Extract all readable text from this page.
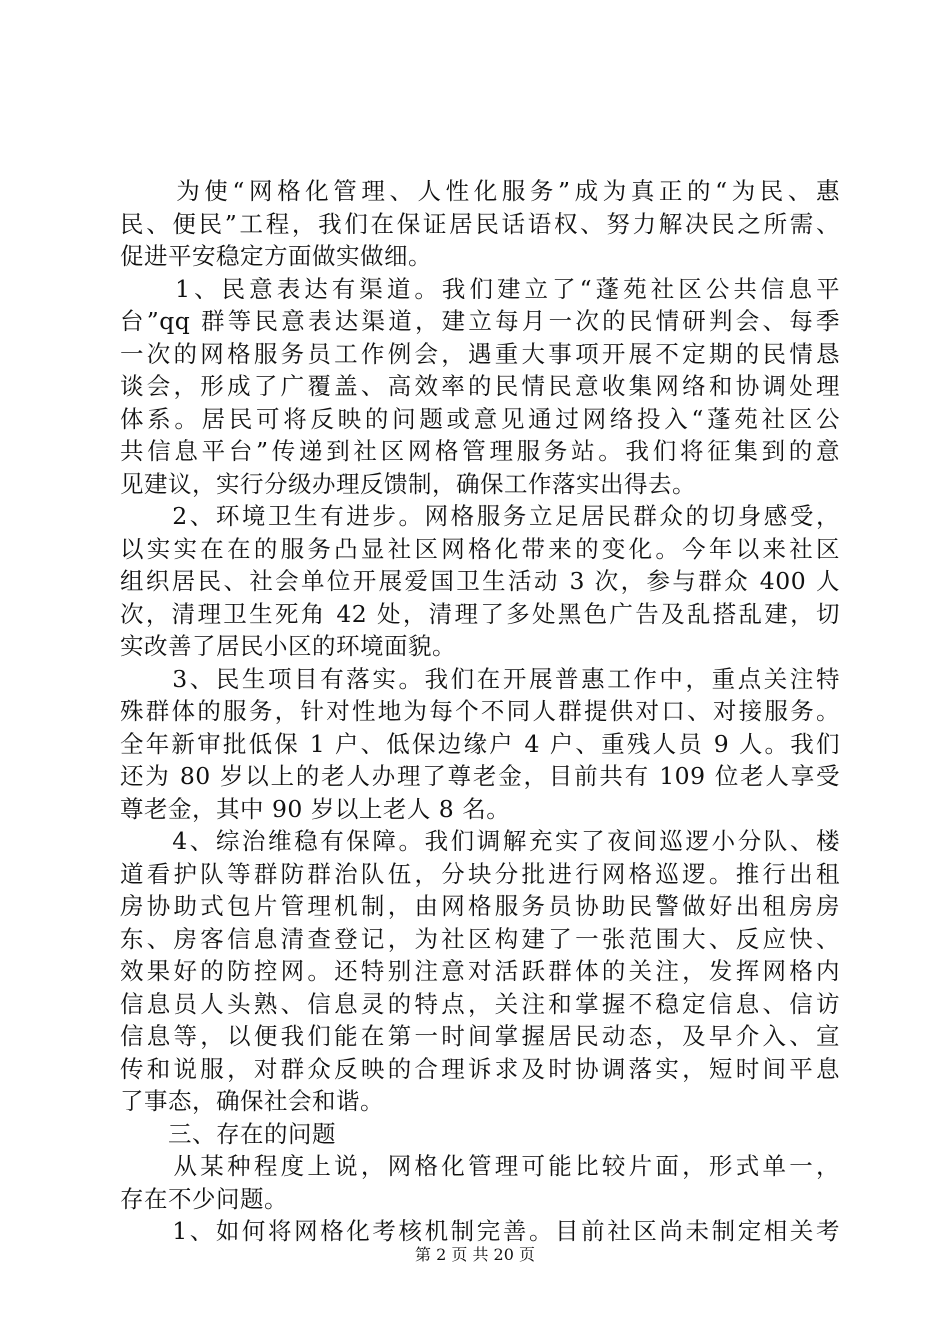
　　为使“网格化管理、人性化服务”成为真正的“为民、惠
民、便民”工程，我们在保证居民话语权、努力解决民之所需、
促进平安稳定方面做实做细。
　　1、民意表达有渠道。我们建立了“蓬苑社区公共信息平
台”qq 群等民意表达渠道，建立每月一次的民情研判会、每季
一次的网格服务员工作例会，遇重大事项开展不定期的民情恳
谈会，形成了广覆盖、高效率的民情民意收集网络和协调处理
体系。居民可将反映的问题或意见通过网络投入“蓬苑社区公
共信息平台”传递到社区网格管理服务站。我们将征集到的意
见建议，实行分级办理反馈制，确保工作落实出得去。
　　2、环境卫生有进步。网格服务立足居民群众的切身感受，
以实实在在的服务凸显社区网格化带来的变化。今年以来社区
组织居民、社会单位开展爱国卫生活动 3 次，参与群众 400 人
次，清理卫生死角 42 处，清理了多处黑色广告及乱搭乱建，切
实改善了居民小区的环境面貌。
　　3、民生项目有落实。我们在开展普惠工作中，重点关注特
殊群体的服务，针对性地为每个不同人群提供对口、对接服务。
全年新审批低保 1 户、低保边缘户 4 户、重残人员 9 人。我们
还为 80 岁以上的老人办理了尊老金，目前共有 109 位老人享受
尊老金，其中 90 岁以上老人 8 名。
　　4、综治维稳有保障。我们调解充实了夜间巡逻小分队、楼
道看护队等群防群治队伍，分块分批进行网格巡逻。推行出租
房协助式包片管理机制，由网格服务员协助民警做好出租房房
东、房客信息清查登记，为社区构建了一张范围大、反应快、
效果好的防控网。还特别注意对活跃群体的关注，发挥网格内
信息员人头熟、信息灵的特点，关注和掌握不稳定信息、信访
信息等，以便我们能在第一时间掌握居民动态，及早介入、宣
传和说服，对群众反映的合理诉求及时协调落实，短时间平息
了事态，确保社会和谐。
　　三、存在的问题
　　从某种程度上说，网格化管理可能比较片面，形式单一，
存在不少问题。
　　1、如何将网格化考核机制完善。目前社区尚未制定相关考
第 2 页 共 20 页
